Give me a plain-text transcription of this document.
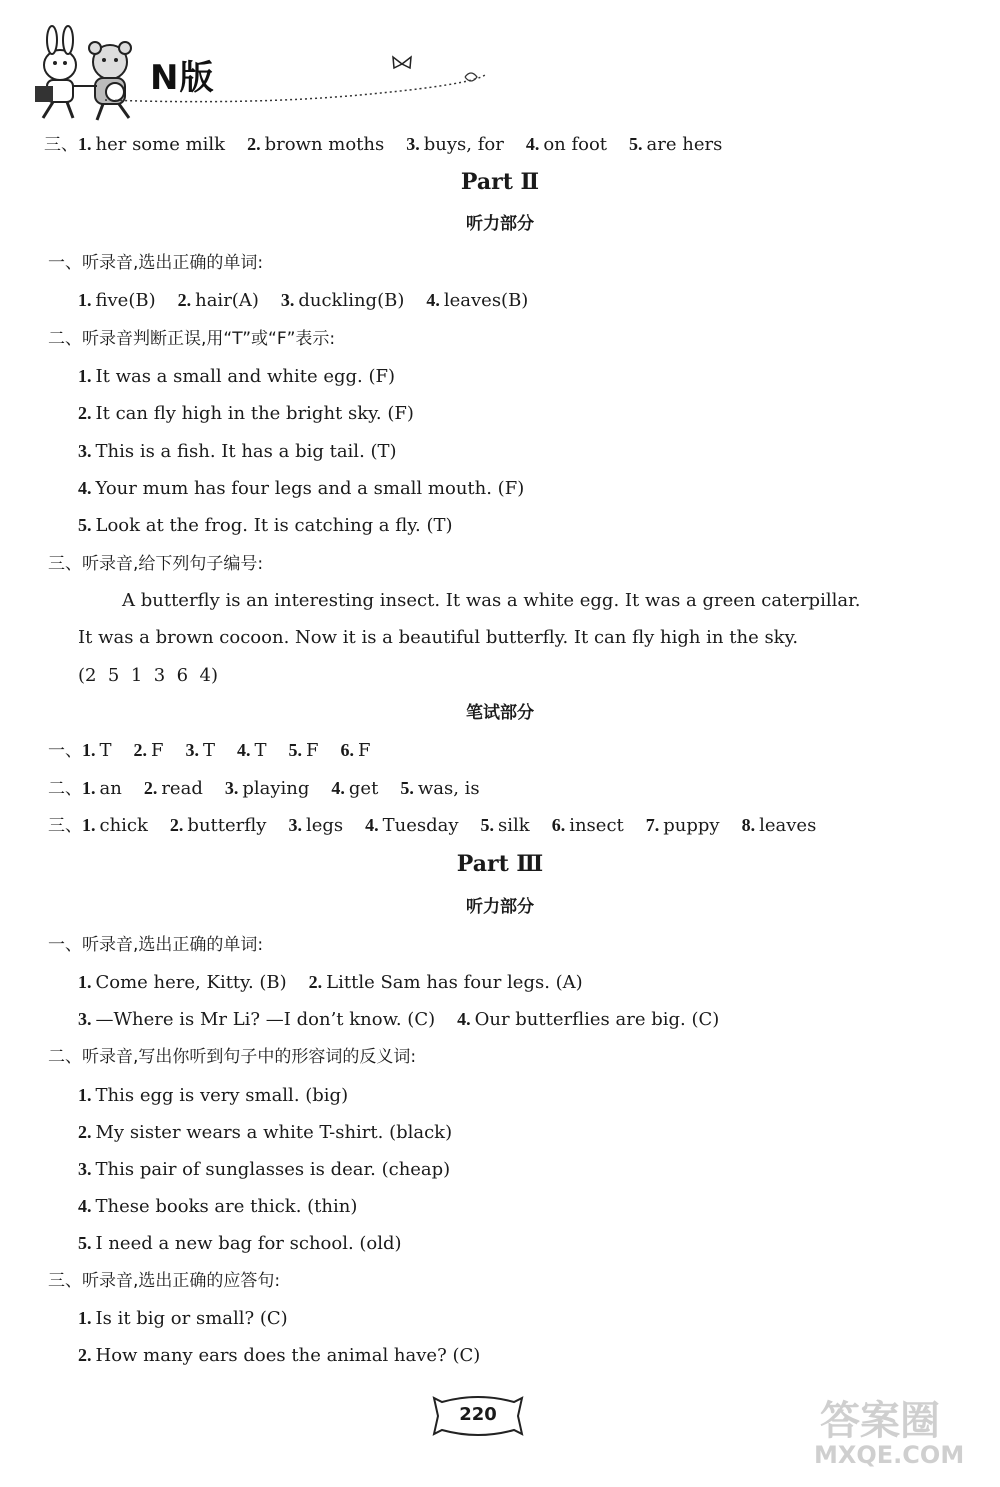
N版
三、1. her some milk 2. brown moths 3. buys, for 4. on foot 5. are hers
Part Ⅱ
听力部分
一、听录音,选出正确的单词:
1. five(B) 2. hair(A) 3. duckling(B) 4. leaves(B)
二、听录音判断正误,用“T”或“F”表示:
1. It was a small and white egg. (F)
2. It can fly high in the bright sky. (F)
3. This is a fish. It has a big tail. (T)
4. Your mum has four legs and a small mouth. (F)
5. Look at the frog. It is catching a fly. (T)
三、听录音,给下列句子编号:
A butterfly is an interesting insect. It was a white egg. It was a green caterpillar.
It was a brown cocoon. Now it is a beautiful butterfly. It can fly high in the sky.
(2  5  1  3  6  4)
笔试部分
一、1. T 2. F 3. T 4. T 5. F 6. F
二、1. an 2. read 3. playing 4. get 5. was, is
三、1. chick 2. butterfly 3. legs 4. Tuesday 5. silk 6. insect 7. puppy 8. leaves
Part Ⅲ
听力部分
一、听录音,选出正确的单词:
1. Come here, Kitty. (B) 2. Little Sam has four legs. (A)
3. —Where is Mr Li? —I don’t know. (C) 4. Our butterflies are big. (C)
二、听录音,写出你听到句子中的形容词的反义词:
1. This egg is very small. (big)
2. My sister wears a white T-shirt. (black)
3. This pair of sunglasses is dear. (cheap)
4. These books are thick. (thin)
5. I need a new bag for school. (old)
三、听录音,选出正确的应答句:
1. Is it big or small? (C)
2. How many ears does the animal have? (C)
220	答案圈
MXQE.COM
